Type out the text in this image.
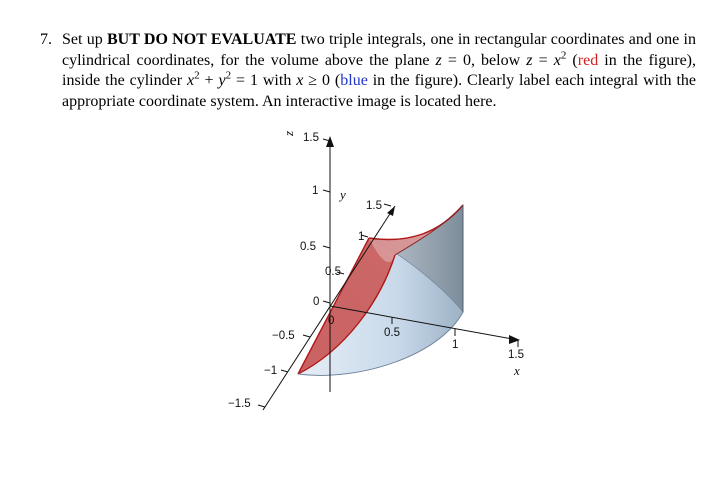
7. Set up BUT DO NOT EVALUATE two triple integrals, one in rectangular coordinates and one in cylindrical coordinates, for the volume above the plane z = 0, below $z = x^2$ (red in the figure), inside the cylinder $x^2 + y^2 = 1$ with x ≥ 0 (blue in the figure). Clearly label each integral with the appropriate coordinate system. An interactive image is located here.
1.5
1
0.5
0
−0.5
−1
−1.5
0.5
1
1.5
0
0.5
1
1.5
z
y
x
